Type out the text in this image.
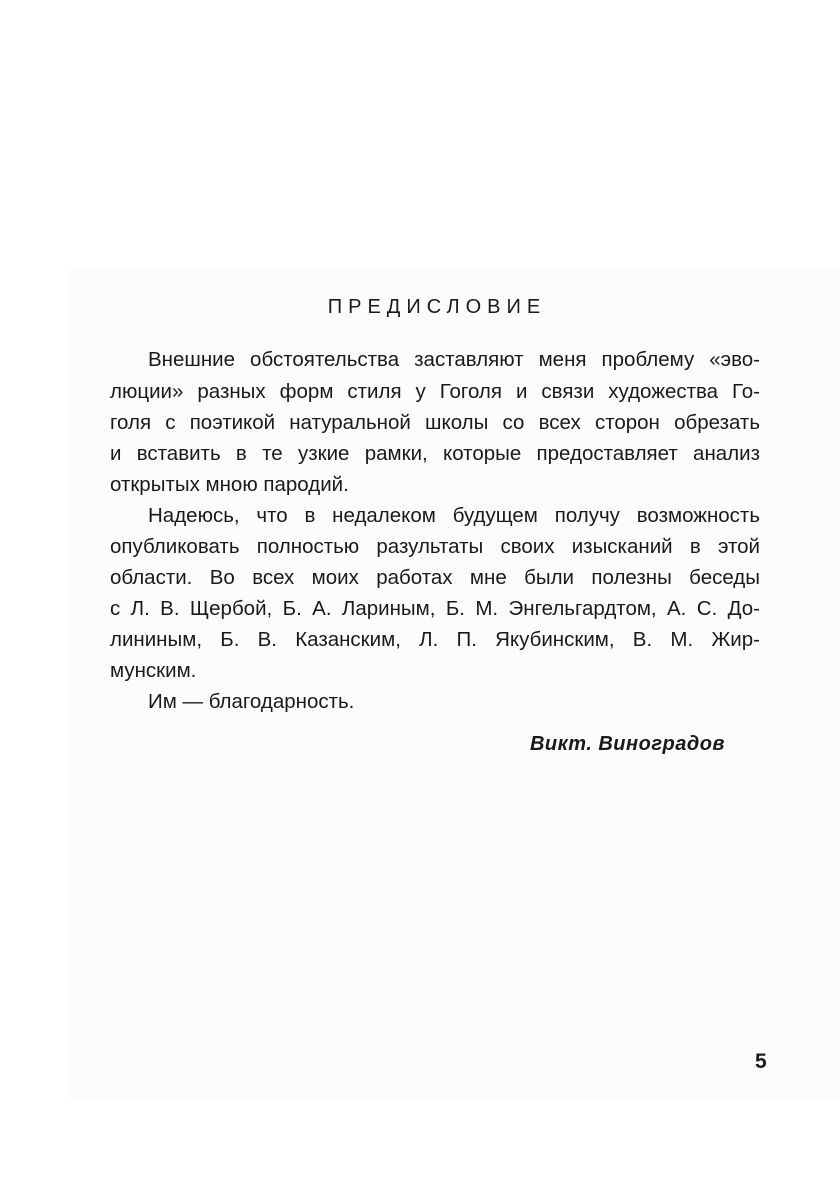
ПРЕДИСЛОВИЕ
Внешние обстоятельства заставляют меня проблему «эво-
люции» разных форм стиля у Гоголя и связи художества Го-
голя с поэтикой натуральной школы со всех сторон обрезать
и вставить в те узкие рамки, которые предоставляет анализ
открытых мною пародий.
Надеюсь, что в недалеком будущем получу возможность
опубликовать полностью разультаты своих изысканий в этой
области. Во всех моих работах мне были полезны беседы
с Л. В. Щербой, Б. А. Лариным, Б. М. Энгельгардтом, А. С. До-
лининым, Б. В. Казанским, Л. П. Якубинским, В. М. Жир-
мунским.
Им — благодарность.
Викт. Виноградов
5
